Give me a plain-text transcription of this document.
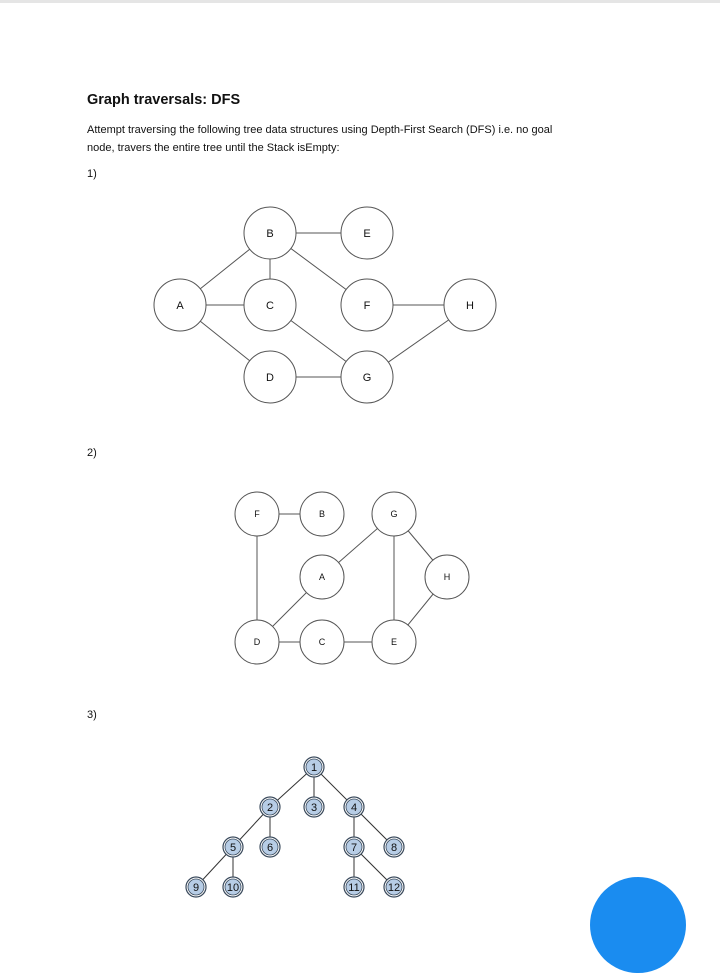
Graph traversals: DFS

Attempt traversing the following tree data structures using Depth-First Search (DFS) i.e. no goal
node, travers the entire tree until the Stack isEmpty:

1)
A
B
C
D
E
F
G
H
2)
F	B	G
A	H
D	C	E
3)
1
2	3	4
5	6	7	8
9	10	11	12
